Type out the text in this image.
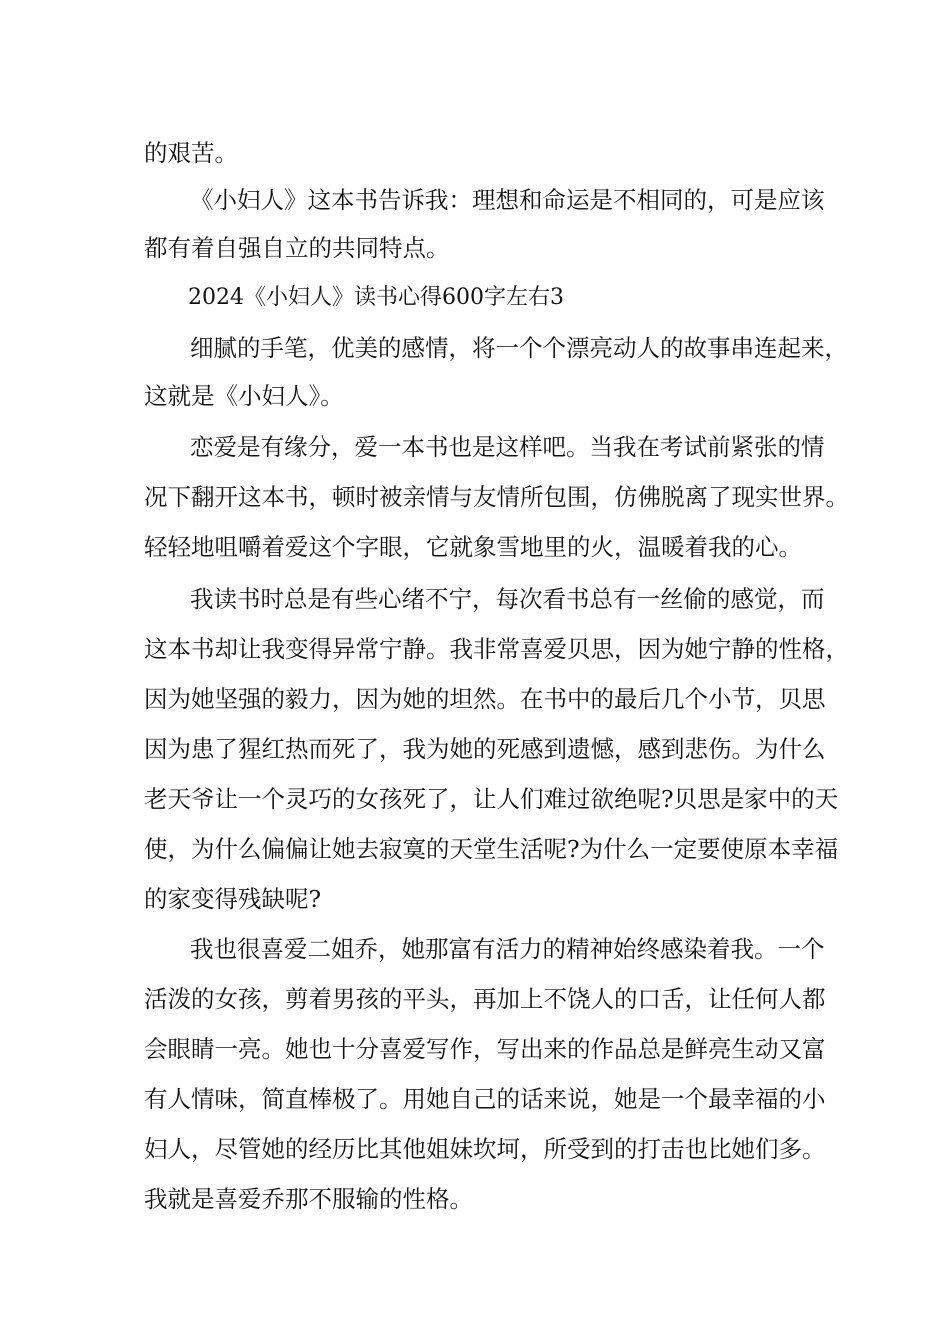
的艰苦。
《小妇人》这本书告诉我：理想和命运是不相同的，可是应该
都有着自强自立的共同特点。
2024《小妇人》读书心得600字左右3
细腻的手笔，优美的感情，将一个个漂亮动人的故事串连起来，
这就是《小妇人》。
恋爱是有缘分，爱一本书也是这样吧。当我在考试前紧张的情
况下翻开这本书，顿时被亲情与友情所包围，仿佛脱离了现实世界。
轻轻地咀嚼着爱这个字眼，它就象雪地里的火，温暖着我的心。
我读书时总是有些心绪不宁，每次看书总有一丝偷的感觉，而
这本书却让我变得异常宁静。我非常喜爱贝思，因为她宁静的性格，
因为她坚强的毅力，因为她的坦然。在书中的最后几个小节，贝思
因为患了猩红热而死了，我为她的死感到遗憾，感到悲伤。为什么
老天爷让一个灵巧的女孩死了，让人们难过欲绝呢?贝思是家中的天
使，为什么偏偏让她去寂寞的天堂生活呢?为什么一定要使原本幸福
的家变得残缺呢?
我也很喜爱二姐乔，她那富有活力的精神始终感染着我。一个
活泼的女孩，剪着男孩的平头，再加上不饶人的口舌，让任何人都
会眼睛一亮。她也十分喜爱写作，写出来的作品总是鲜亮生动又富
有人情味，简直棒极了。用她自己的话来说，她是一个最幸福的小
妇人，尽管她的经历比其他姐妹坎坷，所受到的打击也比她们多。
我就是喜爱乔那不服输的性格。
